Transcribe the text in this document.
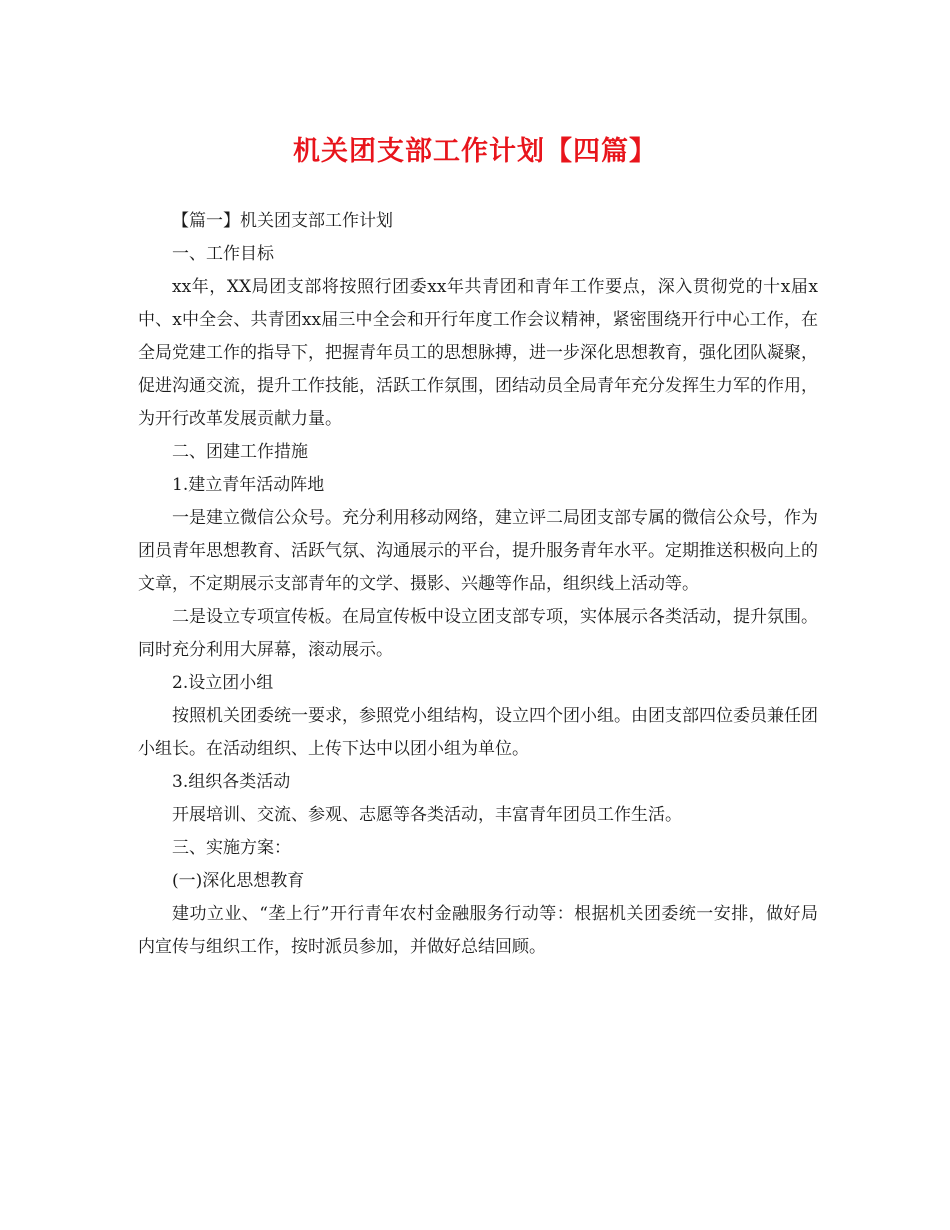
机关团支部工作计划【四篇】

【篇一】机关团支部工作计划

一、工作目标

xx年，XX局团支部将按照行团委xx年共青团和青年工作要点，深入贯彻党的十x届x中、x中全会、共青团xx届三中全会和开行年度工作会议精神，紧密围绕开行中心工作，在全局党建工作的指导下，把握青年员工的思想脉搏，进一步深化思想教育，强化团队凝聚，促进沟通交流，提升工作技能，活跃工作氛围，团结动员全局青年充分发挥生力军的作用，为开行改革发展贡献力量。

二、团建工作措施

1.建立青年活动阵地

一是建立微信公众号。充分利用移动网络，建立评二局团支部专属的微信公众号，作为团员青年思想教育、活跃气氛、沟通展示的平台，提升服务青年水平。定期推送积极向上的文章，不定期展示支部青年的文学、摄影、兴趣等作品，组织线上活动等。

二是设立专项宣传板。在局宣传板中设立团支部专项，实体展示各类活动，提升氛围。同时充分利用大屏幕，滚动展示。

2.设立团小组

按照机关团委统一要求，参照党小组结构，设立四个团小组。由团支部四位委员兼任团小组长。在活动组织、上传下达中以团小组为单位。

3.组织各类活动

开展培训、交流、参观、志愿等各类活动，丰富青年团员工作生活。

三、实施方案：

(一)深化思想教育

建功立业、“垄上行”开行青年农村金融服务行动等：根据机关团委统一安排，做好局内宣传与组织工作，按时派员参加，并做好总结回顾。
